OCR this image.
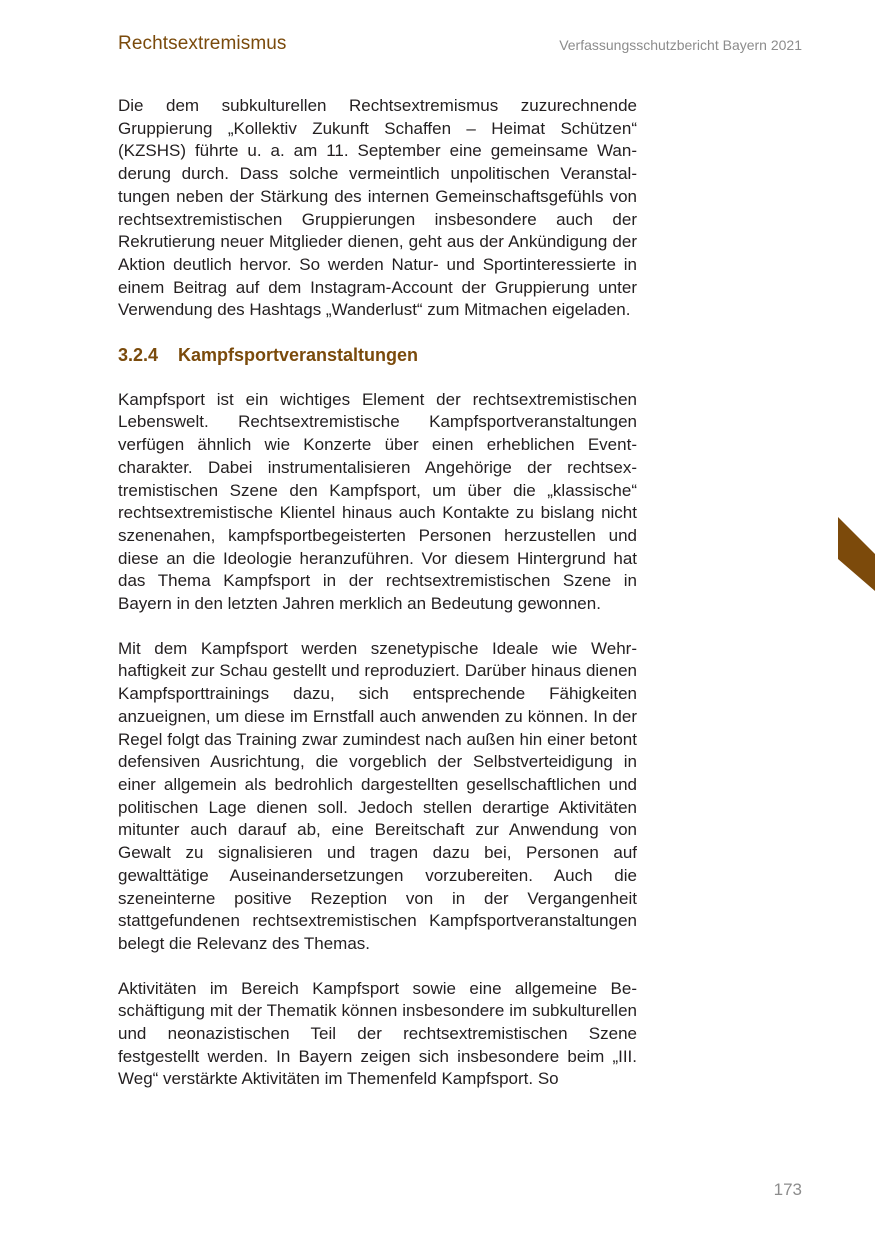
Rechtsextremismus	Verfassungsschutzbericht Bayern 2021

Die dem subkulturellen Rechtsextremismus zuzurechnende Gruppierung „Kollektiv Zukunft Schaffen – Heimat Schützen“ (KZSHS) führte u. a. am 11. September eine gemeinsame Wanderung durch. Dass solche vermeintlich unpolitischen Veranstaltungen neben der Stärkung des internen Gemeinschaftsgefühls von rechtsextremistischen Gruppierungen insbesondere auch der Rekrutierung neuer Mitglieder dienen, geht aus der Ankündigung der Aktion deutlich hervor. So werden Natur- und Sportinteressierte in einem Beitrag auf dem Instagram-Account der Gruppierung unter Verwendung des Hashtags „Wanderlust“ zum Mitmachen eigeladen.

3.2.4 Kampfsportveranstaltungen

Kampfsport ist ein wichtiges Element der rechtsextremistischen Lebenswelt. Rechtsextremistische Kampfsportveranstaltungen verfügen ähnlich wie Konzerte über einen erheblichen Eventcharakter. Dabei instrumentalisieren Angehörige der rechtsextremistischen Szene den Kampfsport, um über die „klassische“ rechtsextremistische Klientel hinaus auch Kontakte zu bislang nicht szenenahen, kampfsportbegeisterten Personen herzustellen und diese an die Ideologie heranzuführen. Vor diesem Hintergrund hat das Thema Kampfsport in der rechtsextremistischen Szene in Bayern in den letzten Jahren merklich an Bedeutung gewonnen.

Mit dem Kampfsport werden szenetypische Ideale wie Wehrhaftigkeit zur Schau gestellt und reproduziert. Darüber hinaus dienen Kampfsporttrainings dazu, sich entsprechende Fähigkeiten anzueignen, um diese im Ernstfall auch anwenden zu können. In der Regel folgt das Training zwar zumindest nach außen hin einer betont defensiven Ausrichtung, die vorgeblich der Selbstverteidigung in einer allgemein als bedrohlich dargestellten gesellschaftlichen und politischen Lage dienen soll. Jedoch stellen derartige Aktivitäten mitunter auch darauf ab, eine Bereitschaft zur Anwendung von Gewalt zu signalisieren und tragen dazu bei, Personen auf gewalttätige Auseinandersetzungen vorzubereiten. Auch die szeneinterne positive Rezeption von in der Vergangenheit stattgefundenen rechtsextremistischen Kampfsportveranstaltungen belegt die Relevanz des Themas.

Aktivitäten im Bereich Kampfsport sowie eine allgemeine Beschäftigung mit der Thematik können insbesondere im subkulturellen und neonazistischen Teil der rechtsextremistischen Szene festgestellt werden. In Bayern zeigen sich insbesondere beim „III. Weg“ verstärkte Aktivitäten im Themenfeld Kampfsport. So

173
